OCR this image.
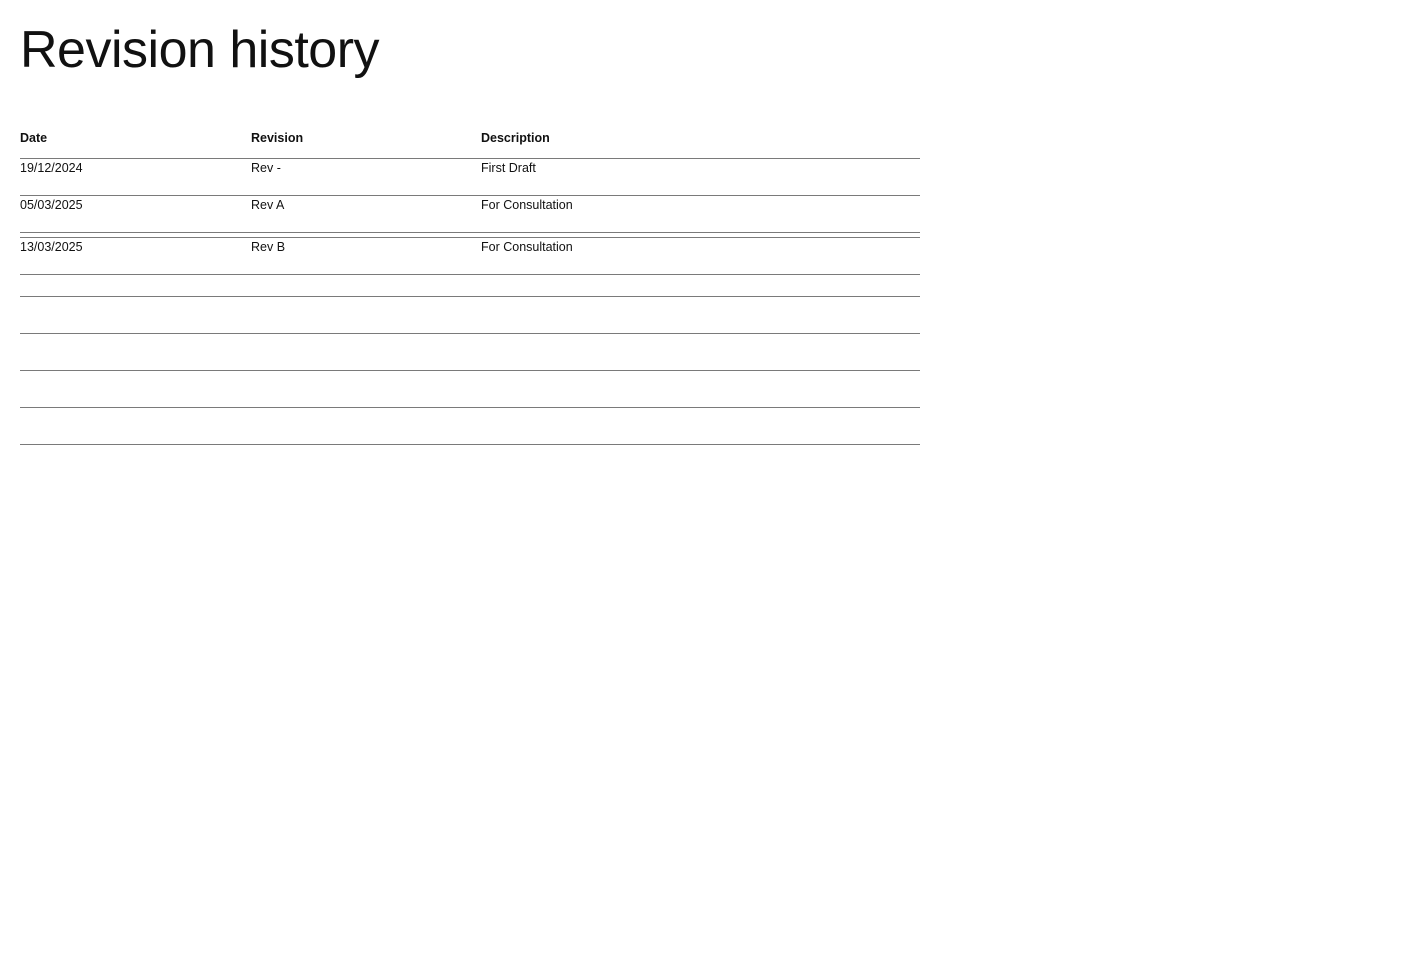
Revision history
Date	Revision	Description
19/12/2024	Rev -	First Draft
05/03/2025	Rev A	For Consultation
13/03/2025	Rev B	For Consultation
